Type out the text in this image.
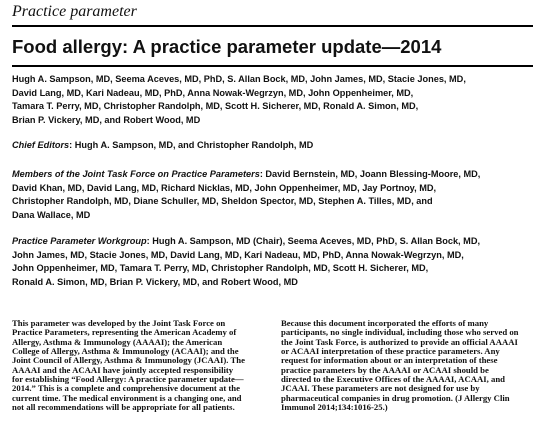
Practice parameter
Food allergy: A practice parameter update—2014
Hugh A. Sampson, MD, Seema Aceves, MD, PhD, S. Allan Bock, MD, John James, MD, Stacie Jones, MD,
David Lang, MD, Kari Nadeau, MD, PhD, Anna Nowak-Wegrzyn, MD, John Oppenheimer, MD,
Tamara T. Perry, MD, Christopher Randolph, MD, Scott H. Sicherer, MD, Ronald A. Simon, MD,
Brian P. Vickery, MD, and Robert Wood, MD
Chief Editors: Hugh A. Sampson, MD, and Christopher Randolph, MD
Members of the Joint Task Force on Practice Parameters: David Bernstein, MD, Joann Blessing-Moore, MD,
David Khan, MD, David Lang, MD, Richard Nicklas, MD, John Oppenheimer, MD, Jay Portnoy, MD,
Christopher Randolph, MD, Diane Schuller, MD, Sheldon Spector, MD, Stephen A. Tilles, MD, and
Dana Wallace, MD
Practice Parameter Workgroup: Hugh A. Sampson, MD (Chair), Seema Aceves, MD, PhD, S. Allan Bock, MD,
John James, MD, Stacie Jones, MD, David Lang, MD, Kari Nadeau, MD, PhD, Anna Nowak-Wegrzyn, MD,
John Oppenheimer, MD, Tamara T. Perry, MD, Christopher Randolph, MD, Scott H. Sicherer, MD,
Ronald A. Simon, MD, Brian P. Vickery, MD, and Robert Wood, MD
This parameter was developed by the Joint Task Force on
Practice Parameters, representing the American Academy of
Allergy, Asthma & Immunology (AAAAI); the American
College of Allergy, Asthma & Immunology (ACAAI); and the
Joint Council of Allergy, Asthma & Immunology (JCAAI). The
AAAAI and the ACAAI have jointly accepted responsibility
for establishing “Food Allergy: A practice parameter update—
2014.” This is a complete and comprehensive document at the
current time. The medical environment is a changing one, and
not all recommendations will be appropriate for all patients.
Because this document incorporated the efforts of many
participants, no single individual, including those who served on
the Joint Task Force, is authorized to provide an official AAAAI
or ACAAI interpretation of these practice parameters. Any
request for information about or an interpretation of these
practice parameters by the AAAAI or ACAAI should be
directed to the Executive Offices of the AAAAI, ACAAI, and
JCAAI. These parameters are not designed for use by
pharmaceutical companies in drug promotion. (J Allergy Clin
Immunol 2014;134:1016-25.)
